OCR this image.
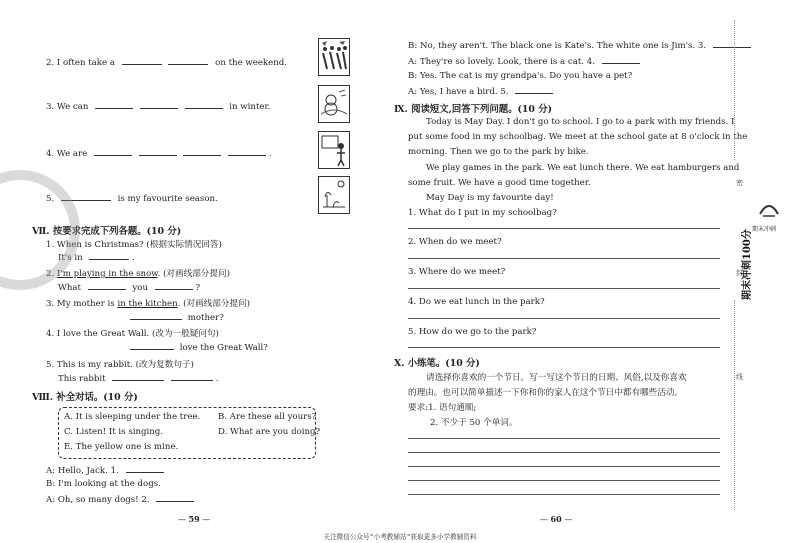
2. I often take a	on the weekend.
3. We can	in winter.
4. We are	.
5.	is my favourite season.
Ⅶ. 按要求完成下列各题。(10 分)
1. When is Christmas? (根据实际情况回答)
It's in	.
2. I'm playing in the snow. (对画线部分提问)
What	you	?
3. My mother is in the kitchen. (对画线部分提问)
mother?
4. I love the Great Wall. (改为一般疑问句)
love the Great Wall?
5. This is my rabbit. (改为复数句子)
This rabbit	.
Ⅷ. 补全对话。(10 分)
A. It is sleeping under the tree. B. Are these all yours?
C. Listen! It is singing.	D. What are you doing?
E. The yellow one is mine.
A: Hello, Jack. 1.
B: I'm looking at the dogs.
A: Oh, so many dogs! 2.
— 59 —
B: No, they aren't. The black one is Kate's. The white one is Jim's. 3.
A: They're so lovely. Look, there is a cat. 4.
B: Yes. The cat is my grandpa's. Do you have a pet?
A: Yes, I have a bird. 5.
Ⅸ. 阅读短文,回答下列问题。(10 分)
Today is May Day. I don't go to school. I go to a park with my friends. I
put some food in my schoolbag. We meet at the school gate at 8 o'clock in the
morning. Then we go to the park by bike.
We play games in the park. We eat lunch there. We eat hamburgers and
some fruit. We have a good time together.
May Day is my favourite day!
1. What do I put in my schoolbag?
2. When do we meet?
3. Where do we meet?
4. Do we eat lunch in the park?
5. How do we go to the park?
Ⅹ. 小练笔。(10 分)
请选择你喜欢的一个节日。写一写这个节日的日期、风俗,以及你喜欢
的理由。也可以简单描述一下你和你的家人在这个节日中都有哪些活动。
要求:1. 语句通顺;
2. 不少于 50 个单词。
— 60 —
密
封
线
期末冲刺
期末冲刺100分
关注微信公众号"小考教辅站"获取更多小学教辅资料
